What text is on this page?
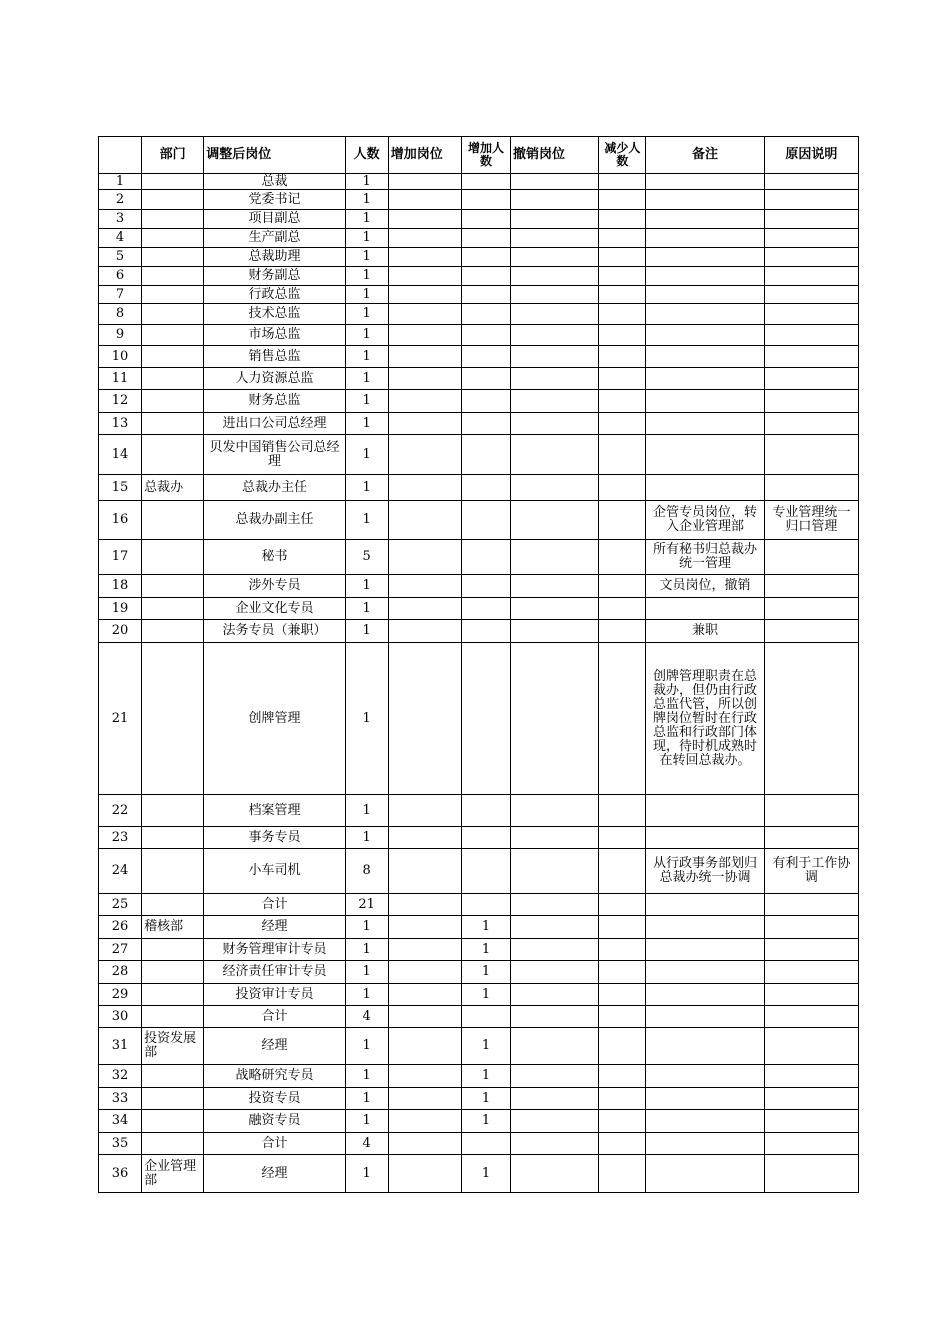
	部门	调整后岗位	人数	增加岗位	增加人数	撤销岗位	减少人数	备注	原因说明
1		总裁	1						
2		党委书记	1						
3		项目副总	1						
4		生产副总	1						
5		总裁助理	1						
6		财务副总	1						
7		行政总监	1						
8		技术总监	1						
9		市场总监	1						
10		销售总监	1						
11		人力资源总监	1						
12		财务总监	1						
13		进出口公司总经理	1						
14		贝发中国销售公司总经理	1						
15	总裁办	总裁办主任	1						
16		总裁办副主任	1					企管专员岗位，转入企业管理部	专业管理统一归口管理
17		秘书	5					所有秘书归总裁办统一管理	
18		涉外专员	1					文员岗位，撤销	
19		企业文化专员	1						
20		法务专员（兼职）	1					兼职	
21		创牌管理	1					创牌管理职责在总裁办，但仍由行政总监代管，所以创牌岗位暂时在行政总监和行政部门体现，待时机成熟时在转回总裁办。	
22		档案管理	1						
23		事务专员	1						
24		小车司机	8					从行政事务部划归总裁办统一协调	有利于工作协调
25		合计	21						
26	稽核部	经理	1		1				
27		财务管理审计专员	1		1				
28		经济责任审计专员	1		1				
29		投资审计专员	1		1				
30		合计	4						
31	投资发展部	经理	1		1				
32		战略研究专员	1		1				
33		投资专员	1		1				
34		融资专员	1		1				
35		合计	4						
36	企业管理部	经理	1		1				
